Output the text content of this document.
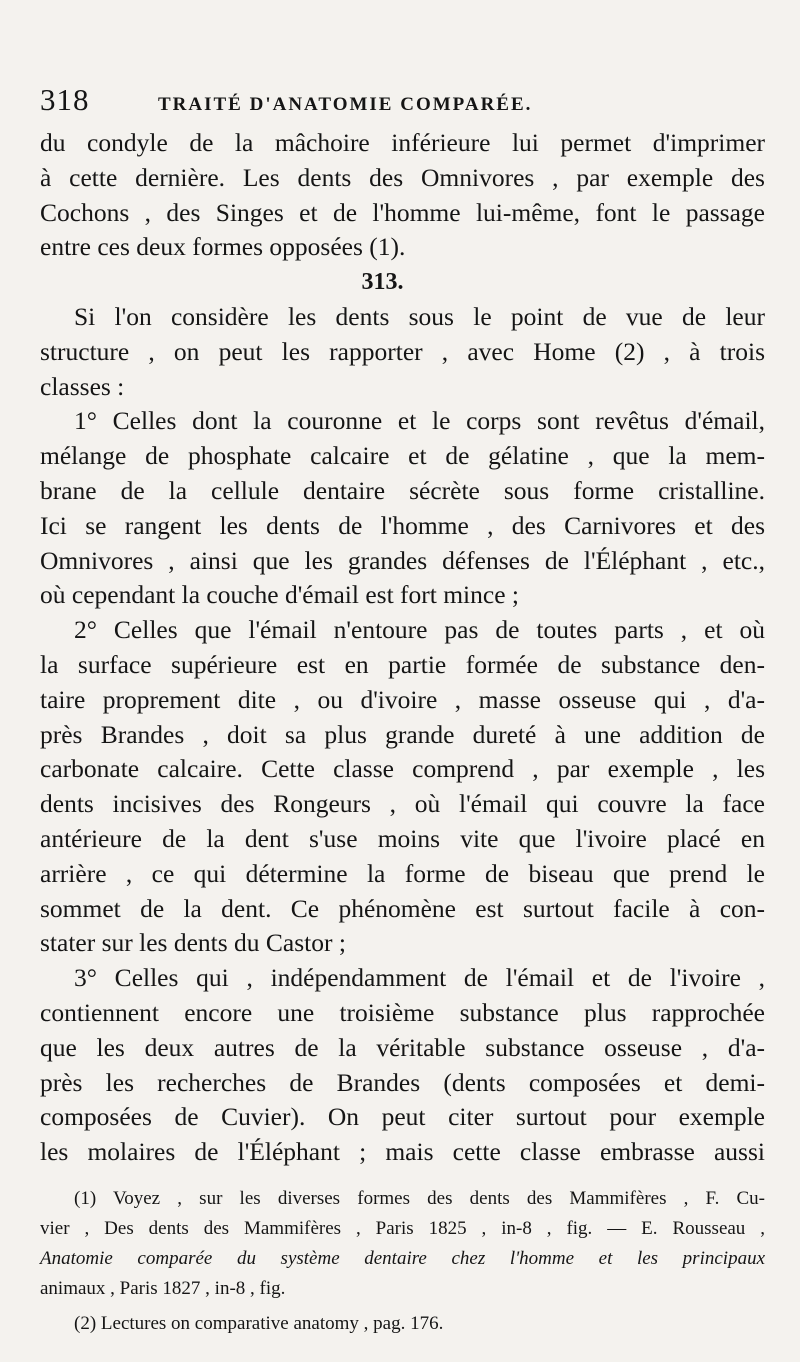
318	TRAITÉ D'ANATOMIE COMPARÉE.
du condyle de la mâchoire inférieure lui permet d'imprimer
à cette dernière. Les dents des Omnivores , par exemple des
Cochons , des Singes et de l'homme lui-même, font le passage
entre ces deux formes opposées (1).
313.
Si l'on considère les dents sous le point de vue de leur
structure , on peut les rapporter , avec Home (2) , à trois
classes :
1° Celles dont la couronne et le corps sont revêtus d'émail,
mélange de phosphate calcaire et de gélatine , que la mem-
brane de la cellule dentaire sécrète sous forme cristalline.
Ici se rangent les dents de l'homme , des Carnivores et des
Omnivores , ainsi que les grandes défenses de l'Éléphant , etc.,
où cependant la couche d'émail est fort mince ;
2° Celles que l'émail n'entoure pas de toutes parts , et où
la surface supérieure est en partie formée de substance den-
taire proprement dite , ou d'ivoire , masse osseuse qui , d'a-
près Brandes , doit sa plus grande dureté à une addition de
carbonate calcaire. Cette classe comprend , par exemple , les
dents incisives des Rongeurs , où l'émail qui couvre la face
antérieure de la dent s'use moins vite que l'ivoire placé en
arrière , ce qui détermine la forme de biseau que prend le
sommet de la dent. Ce phénomène est surtout facile à con-
stater sur les dents du Castor ;
3° Celles qui , indépendamment de l'émail et de l'ivoire ,
contiennent encore une troisième substance plus rapprochée
que les deux autres de la véritable substance osseuse , d'a-
près les recherches de Brandes (dents composées et demi-
composées de Cuvier). On peut citer surtout pour exemple
les molaires de l'Éléphant ; mais cette classe embrasse aussi
(1) Voyez , sur les diverses formes des dents des Mammifères , F. Cu-
vier , Des dents des Mammifères , Paris 1825 , in-8 , fig. — E. Rousseau ,
Anatomie comparée du système dentaire chez l'homme et les principaux
animaux , Paris 1827 , in-8 , fig.
(2) Lectures on comparative anatomy , pag. 176.
